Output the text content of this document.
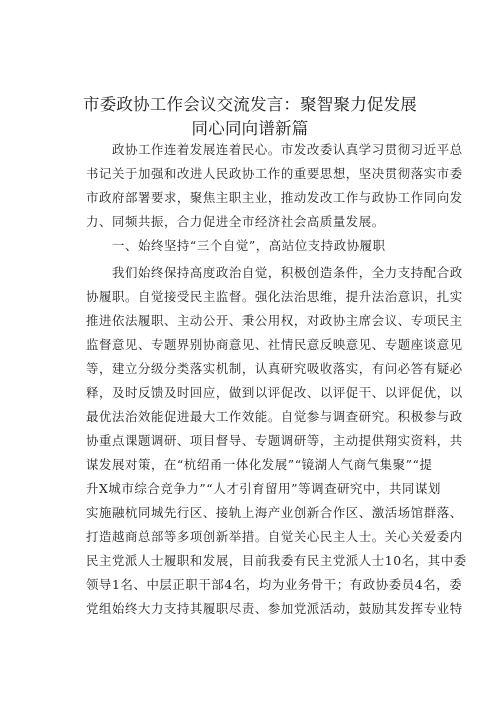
市委政协工作会议交流发言：聚智聚力促发展
同心同向谱新篇
　　政协工作连着发展连着民心。市发改委认真学习贯彻习近平总
书记关于加强和改进人民政协工作的重要思想，坚决贯彻落实市委
市政府部署要求，聚焦主职主业，推动发改工作与政协工作同向发
力、同频共振，合力促进全市经济社会高质量发展。
　　一、始终坚持“三个自觉”，高站位支持政协履职
　　我们始终保持高度政治自觉，积极创造条件，全力支持配合政
协履职。自觉接受民主监督。强化法治思维，提升法治意识，扎实
推进依法履职、主动公开、秉公用权，对政协主席会议、专项民主
监督意见、专题界别协商意见、社情民意反映意见、专题座谈意见
等，建立分级分类落实机制，认真研究吸收落实，有问必答有疑必
释，及时反馈及时回应，做到以评促改、以评促干、以评促优，以
最优法治效能促进最大工作效能。自觉参与调查研究。积极参与政
协重点课题调研、项目督导、专题调研等，主动提供翔实资料，共
谋发展对策，在“杭绍甬一体化发展”“镜湖人气商气集聚”“提
升X城市综合竞争力”“人才引育留用”等调查研究中，共同谋划
实施融杭同城先行区、接轨上海产业创新合作区、激活场馆群落、
打造越商总部等多项创新举措。自觉关心民主人士。关心关爱委内
民主党派人士履职和发展，目前我委有民主党派人士10名，其中委
领导1名、中层正职干部4名，均为业务骨干；有政协委员4名，委
党组始终大力支持其履职尽责、参加党派活动，鼓励其发挥专业特
